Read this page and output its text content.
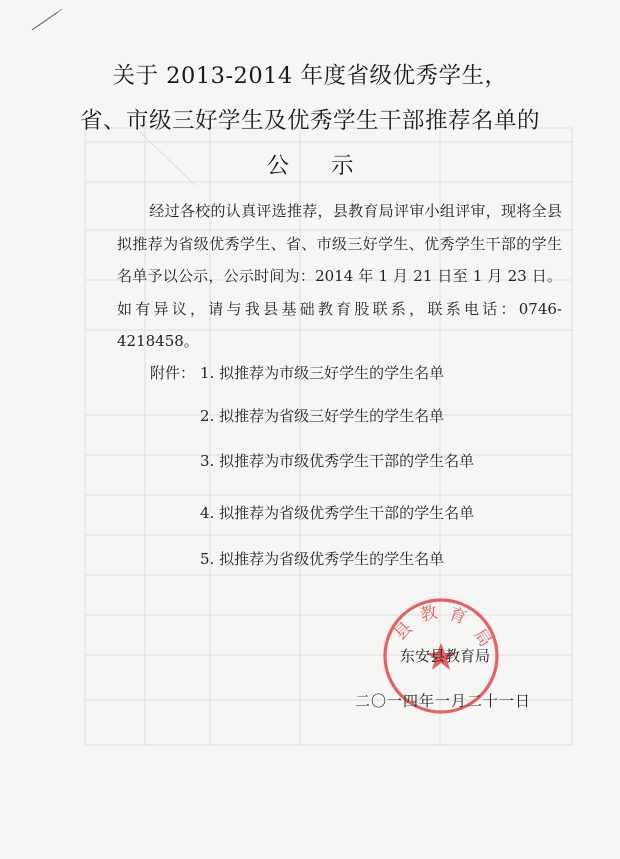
关于 2013-2014 年度省级优秀学生，
省、市级三好学生及优秀学生干部推荐名单的
公示
经过各校的认真评选推荐，县教育局评审小组评审，现将全县拟推荐为省级优秀学生、省、市级三好学生、优秀学生干部的学生名单予以公示，公示时间为：2014 年 1 月 21 日至 1 月 23 日。如有异议，请与我县基础教育股联系，联系电话：0746-4218458。
附件： 1. 拟推荐为市级三好学生的学生名单
2. 拟推荐为省级三好学生的学生名单
3. 拟推荐为市级优秀学生干部的学生名单
4. 拟推荐为省级优秀学生干部的学生名单
5. 拟推荐为省级优秀学生的学生名单
县
教 育
局
东安县教育局
二〇一四年一月二十一日
